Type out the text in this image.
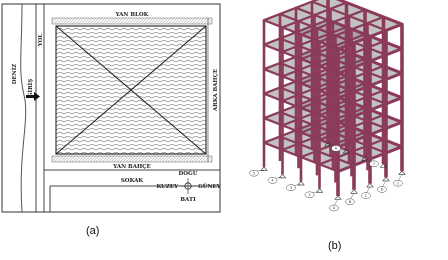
YAN BLOK
YAN BAHÇE
SOKAK
ARKA BAHÇE
YOL
DENİZ
GİRİŞ
DOĞU
KUZEY	GÜNEY
BATI
(a)
A
B
C
D
1
2
3
4
5
6
7
(b)
